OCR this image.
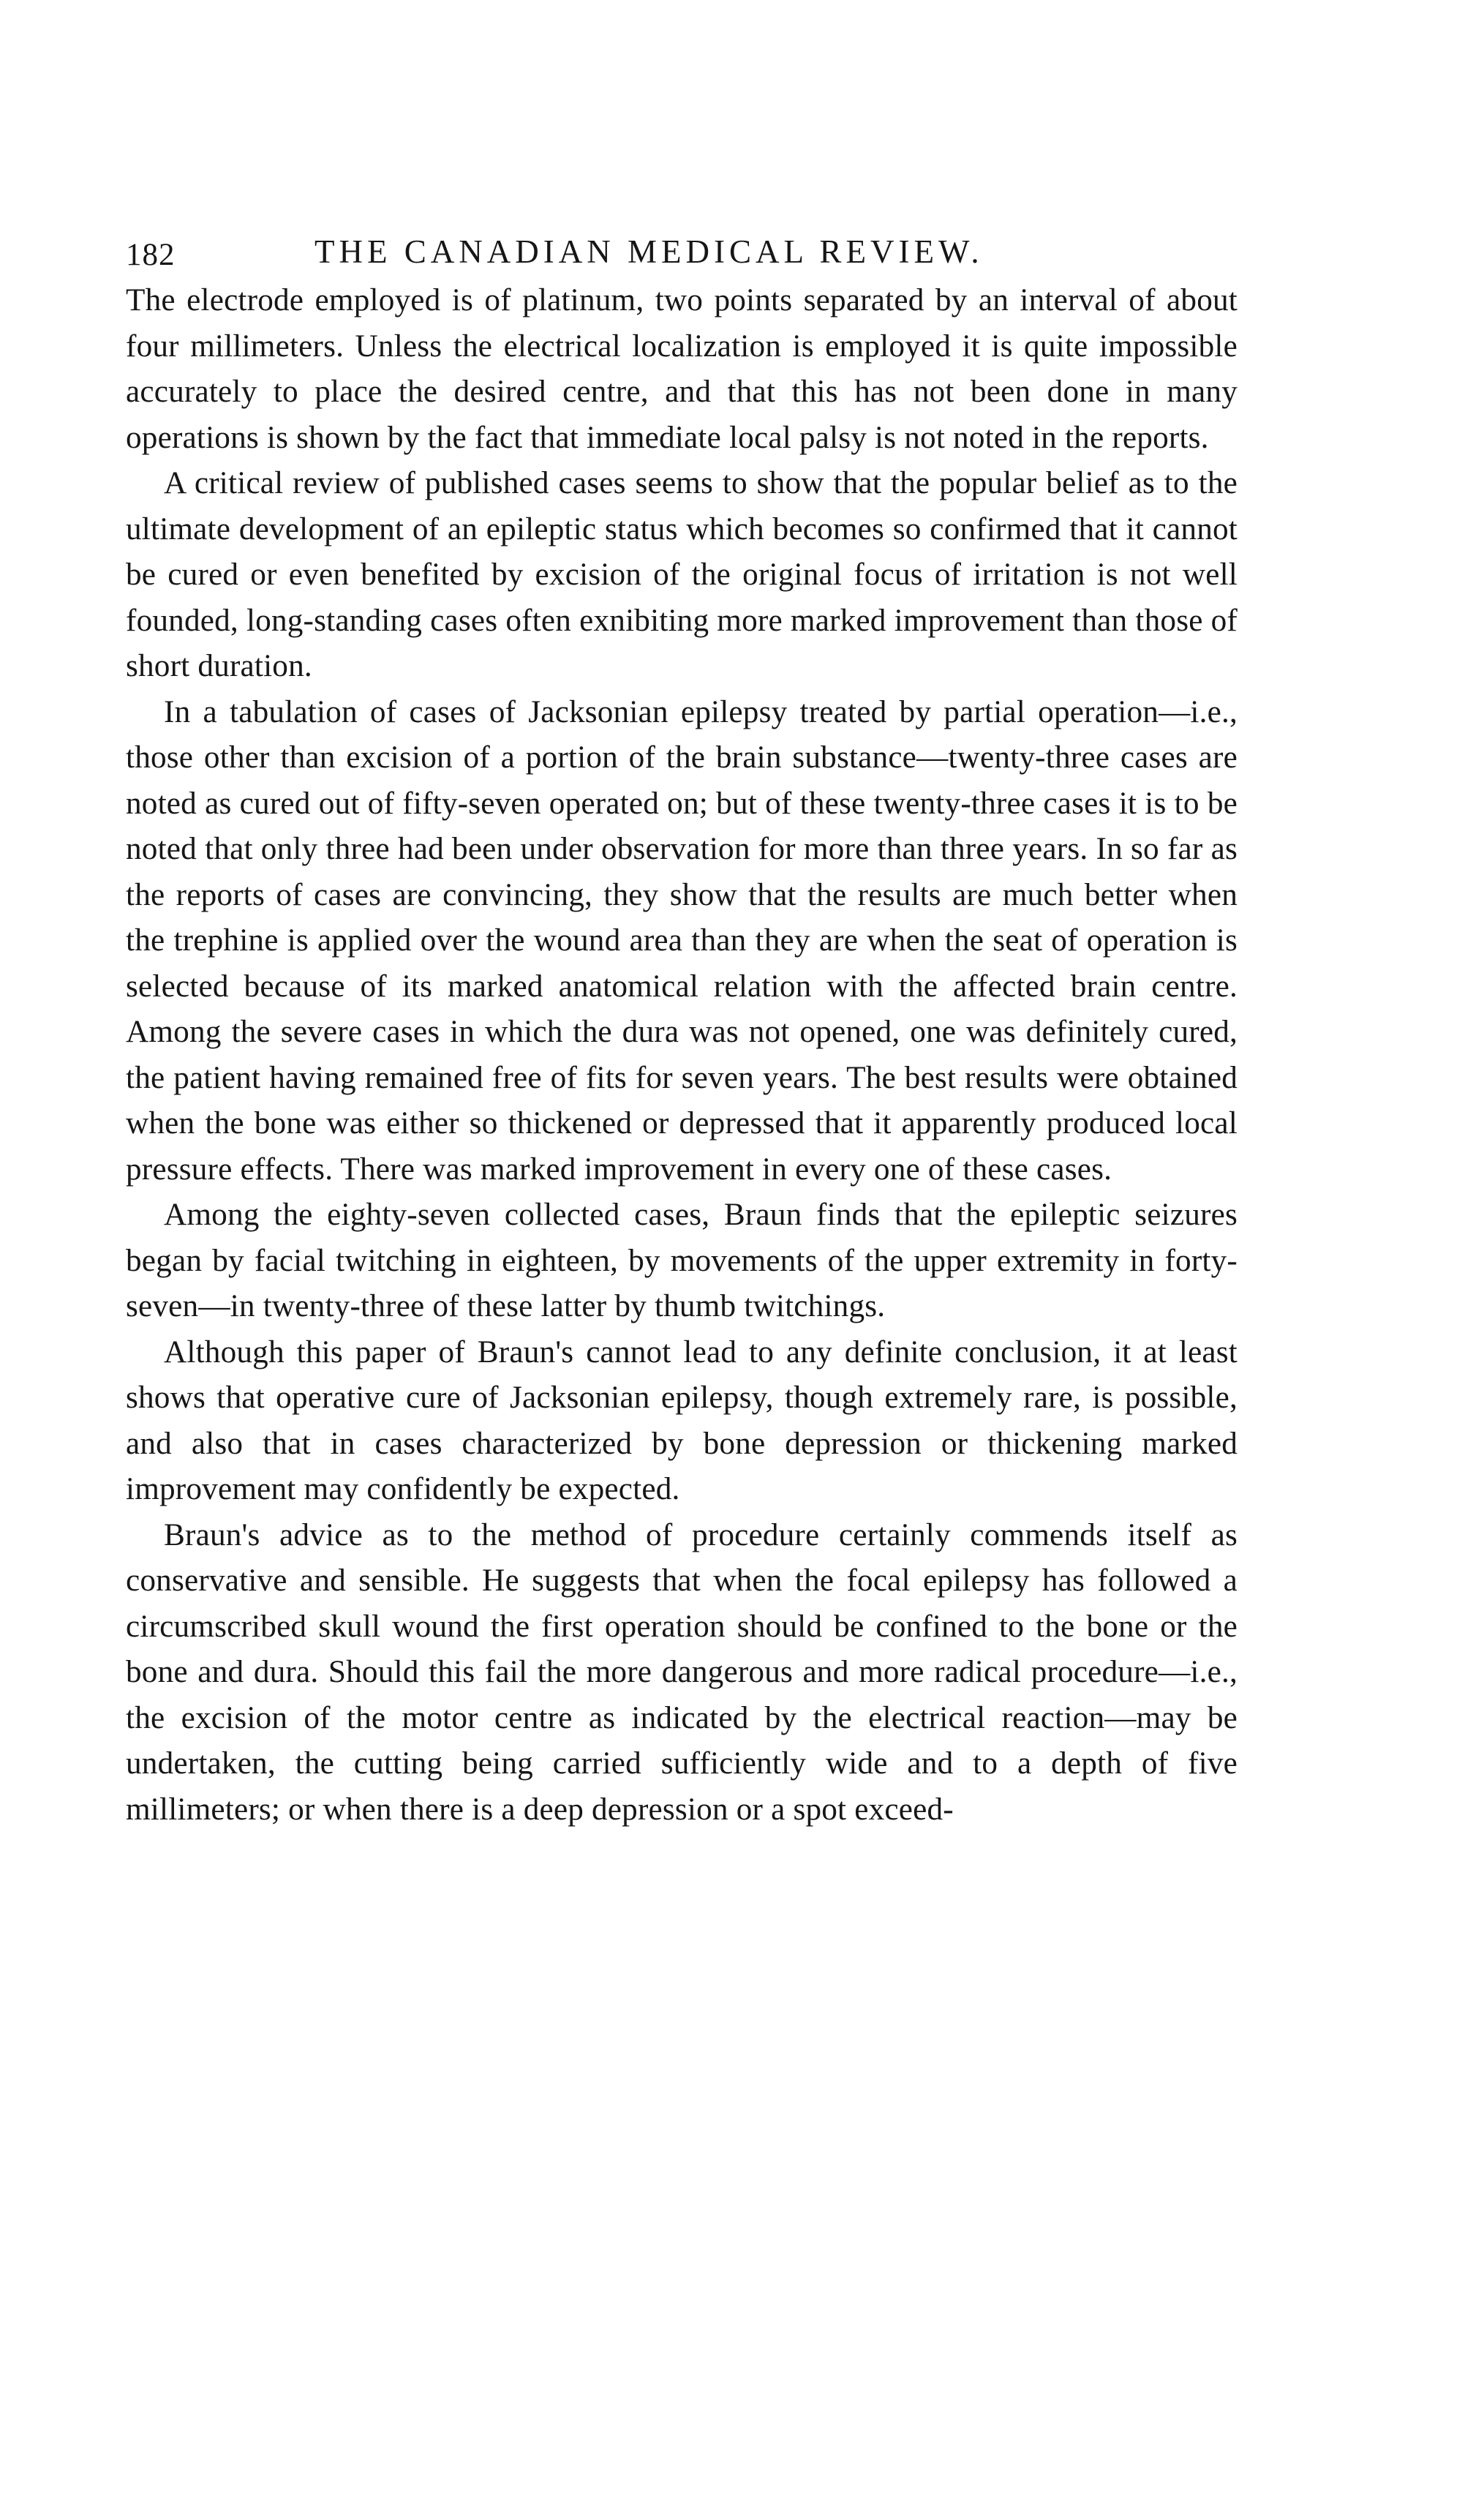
182	THE CANADIAN MEDICAL REVIEW.

The electrode employed is of platinum, two points separated by an interval of about four millimeters. Unless the electrical localization is employed it is quite impossible accurately to place the desired centre, and that this has not been done in many operations is shown by the fact that immediate local palsy is not noted in the reports.

A critical review of published cases seems to show that the popular belief as to the ultimate development of an epileptic status which becomes so confirmed that it cannot be cured or even benefited by excision of the original focus of irritation is not well founded, long-standing cases often exnibiting more marked improvement than those of short duration.

In a tabulation of cases of Jacksonian epilepsy treated by partial operation—i.e., those other than excision of a portion of the brain substance—twenty-three cases are noted as cured out of fifty-seven operated on; but of these twenty-three cases it is to be noted that only three had been under observation for more than three years. In so far as the reports of cases are convincing, they show that the results are much better when the trephine is applied over the wound area than they are when the seat of operation is selected because of its marked anatomical relation with the affected brain centre. Among the severe cases in which the dura was not opened, one was definitely cured, the patient having remained free of fits for seven years. The best results were obtained when the bone was either so thickened or depressed that it apparently produced local pressure effects. There was marked improvement in every one of these cases.

Among the eighty-seven collected cases, Braun finds that the epileptic seizures began by facial twitching in eighteen, by movements of the upper extremity in forty-seven—in twenty-three of these latter by thumb twitchings.

Although this paper of Braun's cannot lead to any definite conclusion, it at least shows that operative cure of Jacksonian epilepsy, though extremely rare, is possible, and also that in cases characterized by bone depression or thickening marked improvement may confidently be expected.

Braun's advice as to the method of procedure certainly commends itself as conservative and sensible. He suggests that when the focal epilepsy has followed a circumscribed skull wound the first operation should be confined to the bone or the bone and dura. Should this fail the more dangerous and more radical procedure—i.e., the excision of the motor centre as indicated by the electrical reaction—may be undertaken, the cutting being carried sufficiently wide and to a depth of five millimeters; or when there is a deep depression or a spot exceed-
